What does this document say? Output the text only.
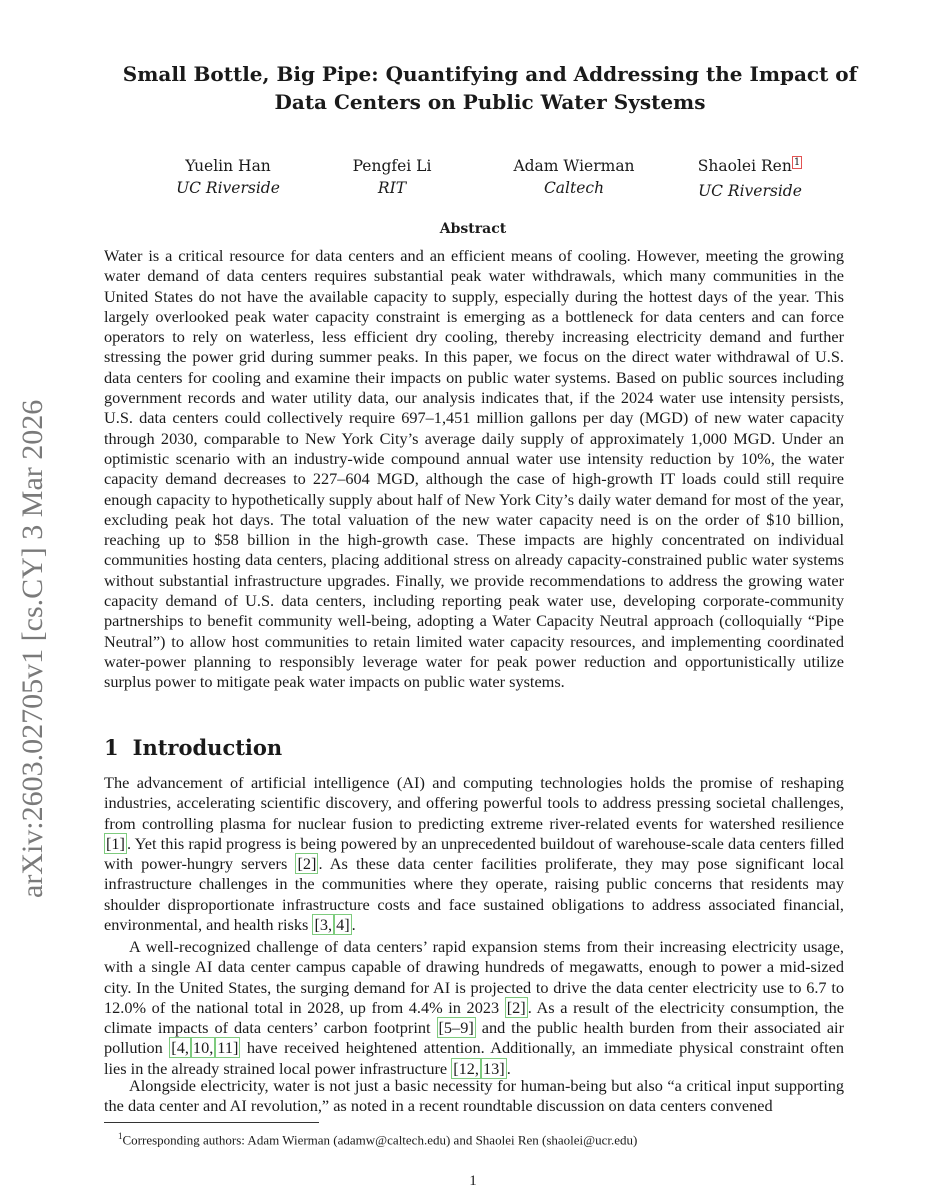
arXiv:2603.02705v1 [cs.CY] 3 Mar 2026
Small Bottle, Big Pipe: Quantifying and Addressing the Impact of Data Centers on Public Water Systems
Yuelin Han
UC Riverside
Pengfei Li
RIT
Adam Wierman
Caltech
Shaolei Ren $^1$
UC Riverside
Abstract

Water is a critical resource for data centers and an efficient means of cooling. However, meeting the growing water demand of data centers requires substantial peak water withdrawals, which many communities in the United States do not have the available capacity to supply, especially during the hottest days of the year. This largely overlooked peak water capacity constraint is emerging as a bottleneck for data centers and can force operators to rely on waterless, less efficient dry cooling, thereby increasing electricity demand and further stressing the power grid during summer peaks. In this paper, we focus on the direct water withdrawal of U.S. data centers for cooling and examine their impacts on public water systems. Based on public sources including government records and water utility data, our analysis indicates that, if the 2024 water use intensity persists, U.S. data centers could collectively require 697–1,451 million gallons per day (MGD) of new water capacity through 2030, comparable to New York City’s average daily supply of approximately 1,000 MGD. Under an optimistic scenario with an industry-wide compound annual water use intensity reduction by 10%, the water capacity demand decreases to 227–604 MGD, although the case of high-growth IT loads could still require enough capacity to hypothetically supply about half of New York City’s daily water demand for most of the year, excluding peak hot days. The total valuation of the new water capacity need is on the order of $10 billion, reaching up to $58 billion in the high-growth case. These impacts are highly concentrated on individual communities hosting data centers, placing additional stress on already capacity-constrained public water systems without substantial infrastructure upgrades. Finally, we provide recommendations to address the growing water capacity demand of U.S. data centers, including reporting peak water use, developing corporate-community partnerships to benefit community well-being, adopting a Water Capacity Neutral approach (colloquially “Pipe Neutral”) to allow host communities to retain limited water capacity resources, and implementing coordinated water-power planning to responsibly leverage water for peak power reduction and opportunistically utilize surplus power to mitigate peak water impacts on public water systems.

1 Introduction

The advancement of artificial intelligence (AI) and computing technologies holds the promise of reshaping industries, accelerating scientific discovery, and offering powerful tools to address pressing societal challenges, from controlling plasma for nuclear fusion to predicting extreme river-related events for watershed resilience [1] . Yet this rapid progress is being powered by an unprecedented buildout of warehouse-scale data centers filled with power-hungry servers [2] . As these data center facilities proliferate, they may pose significant local infrastructure challenges in the communities where they operate, raising public concerns that residents may shoulder disproportionate infrastructure costs and face sustained obligations to address associated financial, environmental, and health risks [3, 4] .

A well-recognized challenge of data centers’ rapid expansion stems from their increasing electricity usage, with a single AI data center campus capable of drawing hundreds of megawatts, enough to power a mid-sized city. In the United States, the surging demand for AI is projected to drive the data center electricity use to 6.7 to 12.0% of the national total in 2028, up from 4.4% in 2023 [2] . As a result of the electricity consumption, the climate impacts of data centers’ carbon footprint [5–9] and the public health burden from their associated air pollution [4, 10, 11] have received heightened attention. Additionally, an immediate physical constraint often lies in the already strained local power infrastructure [12, 13] .

Alongside electricity, water is not just a basic necessity for human-being but also “a critical input supporting the data center and AI revolution,” as noted in a recent roundtable discussion on data centers convened

$^1$Corresponding authors: Adam Wierman (adamw@caltech.edu) and Shaolei Ren (shaolei@ucr.edu)

1
